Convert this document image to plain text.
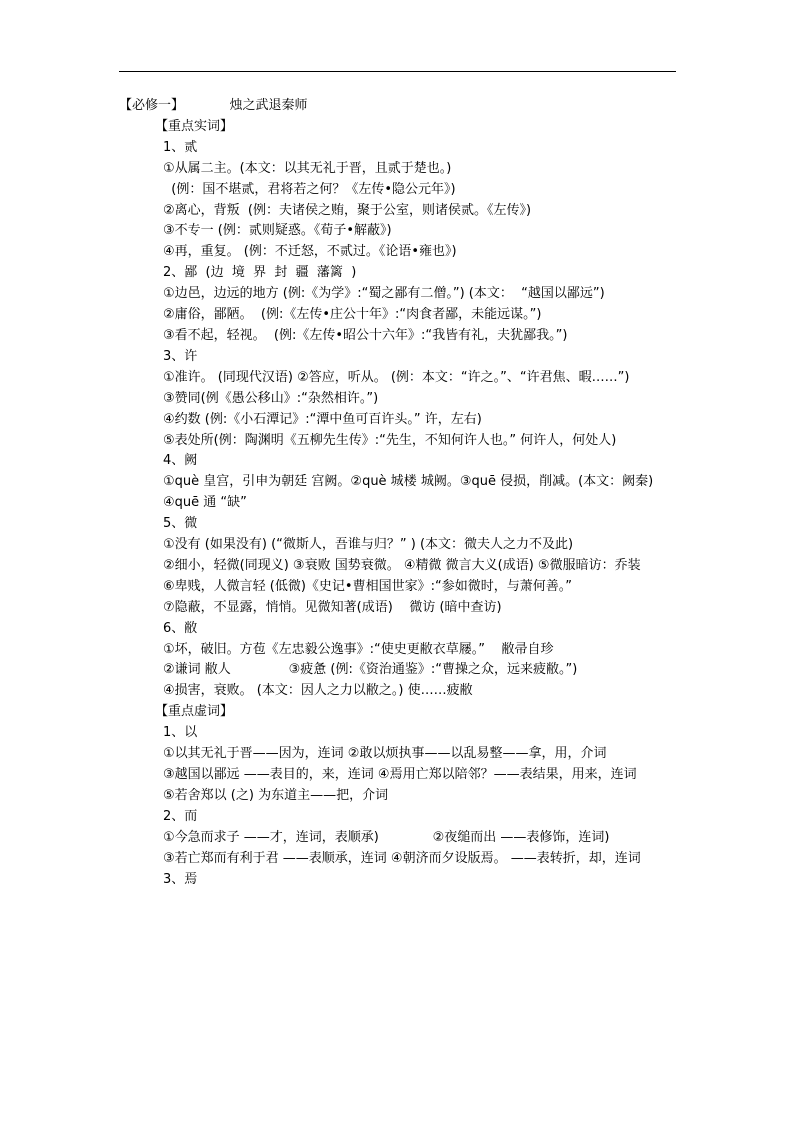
【必修一】           烛之武退秦师
【重点实词】
1、贰
①从属二主。(本文：以其无礼于晋，且贰于楚也。)
(例：国不堪贰，君将若之何？《左传•隐公元年》)
②离心，背叛  (例：夫诸侯之贿，聚于公室，则诸侯贰。《左传》)
③不专一 (例：贰则疑惑。《荀子•解蔽》)
④再，重复。 (例：不迁怒，不贰过。《论语•雍也》)
2、鄙  (边  境  界  封  疆  藩篱  )
①边邑，边远的地方 (例:《为学》:“蜀之鄙有二僧。”) (本文：  “越国以鄙远”)
②庸俗，鄙陋。  (例:《左传•庄公十年》:“肉食者鄙，未能远谋。”)
③看不起，轻视。  (例:《左传•昭公十六年》:“我皆有礼，夫犹鄙我。”)
3、许
①准许。 (同现代汉语) ②答应，听从。 (例：本文：“许之。”、“许君焦、暇……”)
③赞同(例《愚公移山》:“杂然相许。”)
④约数 (例:《小石潭记》:“潭中鱼可百许头。” 许，左右)
⑤表处所(例：陶渊明《五柳先生传》:“先生，不知何许人也。” 何许人，何处人)
4、阙
①què 皇宫，引申为朝廷 宫阙。②què 城楼 城阙。③quē 侵损，削减。(本文：阙秦)
④quē 通 “缺”
5、微
①没有 (如果没有) (“微斯人，吾谁与归？” ) (本文：微夫人之力不及此)
②细小，轻微(同现义) ③衰败 国势衰微。 ④精微 微言大义(成语) ⑤微服暗访：乔装
⑥卑贱，人微言轻 (低微)《史记•曹相国世家》:“参如微时，与萧何善。”
⑦隐蔽，不显露，悄悄。见微知著(成语)    微访 (暗中查访)
6、敝
①坏，破旧。方苞《左忠毅公逸事》:“使史更敝衣草屦。”    敝帚自珍
②谦词 敝人              ③疲惫 (例:《资治通鉴》:“曹操之众，远来疲敝。”)
④损害，衰败。 (本文：因人之力以敝之。) 使……疲敝
【重点虚词】
1、以
①以其无礼于晋——因为，连词 ②敢以烦执事——以乱易整——拿，用，介词
③越国以鄙远 ——表目的，来，连词 ④焉用亡郑以陪邻？——表结果，用来，连词
⑤若舍郑以 (之) 为东道主——把，介词
2、而
①今急而求子 ——才，连词，表顺承)             ②夜缒而出 ——表修饰，连词)
③若亡郑而有利于君 ——表顺承，连词 ④朝济而夕设版焉。 ——表转折，却，连词
3、焉
